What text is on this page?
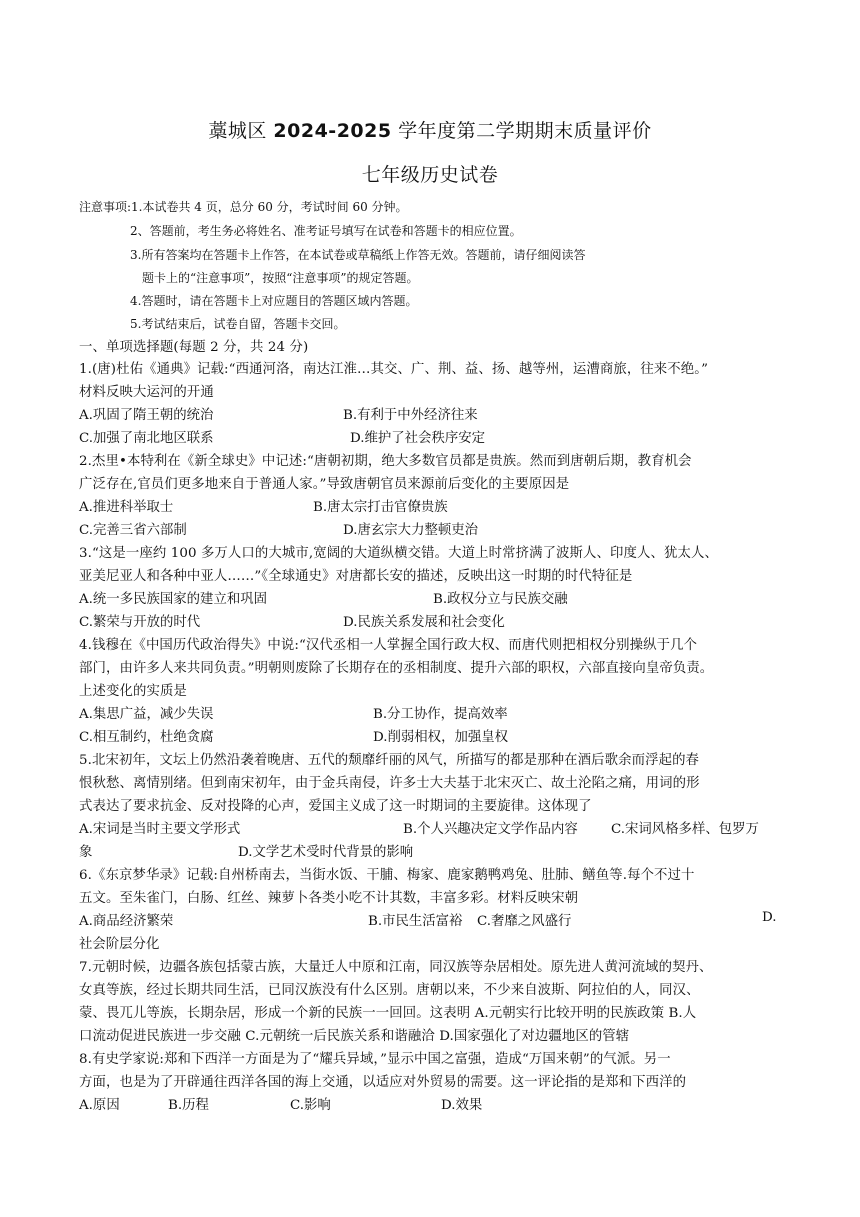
藁城区 2024-2025 学年度第二学期期末质量评价
七年级历史试卷
注意事项:1.本试卷共 4 页，总分 60 分，考试时间 60 分钟。
2、答题前，考生务必将姓名、准考证号填写在试卷和答题卡的相应位置。
3.所有答案均在答题卡上作答，在本试卷或草稿纸上作答无效。答题前，请仔细阅读答
题卡上的“注意事项”，按照“注意事项”的规定答题。
4.答题时，请在答题卡上对应题目的答题区域内答题。
5.考试结束后，试卷自留，答题卡交回。
一、单项选择题(每题 2 分，共 24 分)
1.(唐)杜佑《通典》记载:“西通河洛，南达江淮…其交、广、荆、益、扬、越等州，运漕商旅，往来不绝。”
材料反映大运河的开通
A.巩固了隋王朝的统治	B.有利于中外经济往来
C.加强了南北地区联系	D.维护了社会秩序安定
2.杰里•本特利在《新全球史》中记述:“唐朝初期，绝大多数官员都是贵族。然而到唐朝后期，教育机会
广泛存在,官员们更多地来自于普通人家。”导致唐朝官员来源前后变化的主要原因是
A.推进科举取士	B.唐太宗打击官僚贵族
C.完善三省六部制	D.唐玄宗大力整顿吏治
3.“这是一座约 100 多万人口的大城市,宽阔的大道纵横交错。大道上时常挤满了波斯人、印度人、犹太人、
亚美尼亚人和各种中亚人……”《全球通史》对唐都长安的描述，反映出这一时期的时代特征是
A.统一多民族国家的建立和巩固	B.政权分立与民族交融
C.繁荣与开放的时代	D.民族关系发展和社会变化
4.钱穆在《中国历代政治得失》中说:“汉代丞相一人掌握全国行政大权、而唐代则把相权分别操纵于几个
部门，由许多人来共同负责。”明朝则废除了长期存在的丞相制度、提升六部的职权，六部直接向皇帝负责。
上述变化的实质是
A.集思广益，减少失误	B.分工协作，提高效率
C.相互制约，杜绝贪腐	D.削弱相权，加强皇权
5.北宋初年，文坛上仍然沿袭着晚唐、五代的颓靡纤丽的风气，所描写的都是那种在酒后歌余而浮起的春
恨秋愁、离情别绪。但到南宋初年，由于金兵南侵，许多士大夫基于北宋灭亡、故土沦陷之痛，用词的形
式表达了要求抗金、反对投降的心声，爱国主义成了这一时期词的主要旋律。这体现了
A.宋词是当时主要文学形式	B.个人兴趣决定文学作品内容 C.宋词风格多样、包罗万
象	D.文学艺术受时代背景的影响
6.《东京梦华录》记载:自州桥南去，当街水饭、干脯、梅家、鹿家鹅鸭鸡兔、肚肺、鳝鱼等.每个不过十
五文。至朱雀门，白肠、红丝、辣萝卜各类小吃不计其数，丰富多彩。材料反映宋朝
A.商品经济繁荣	B.市民生活富裕 C.奢靡之风盛行	D.
社会阶层分化
7.元朝时候，边疆各族包括蒙古族，大量迁人中原和江南，同汉族等杂居相处。原先进人黄河流域的契丹、
女真等族，经过长期共同生活，已同汉族没有什么区别。唐朝以来，不少来自波斯、阿拉伯的人，同汉、
蒙、畏兀儿等族，长期杂居，形成一个新的民族一一回回。这表明 A.元朝实行比较开明的民族政策 B.人
口流动促进民族进一步交融 C.元朝统一后民族关系和谐融洽 D.国家强化了对边疆地区的管辖
8.有史学家说:郑和下西洋一方面是为了“耀兵异域，”显示中国之富强，造成“万国来朝”的气派。另一
方面，也是为了开辟通往西洋各国的海上交通，以适应对外贸易的需要。这一评论指的是郑和下西洋的
A.原因	B.历程	C.影响	D.效果
